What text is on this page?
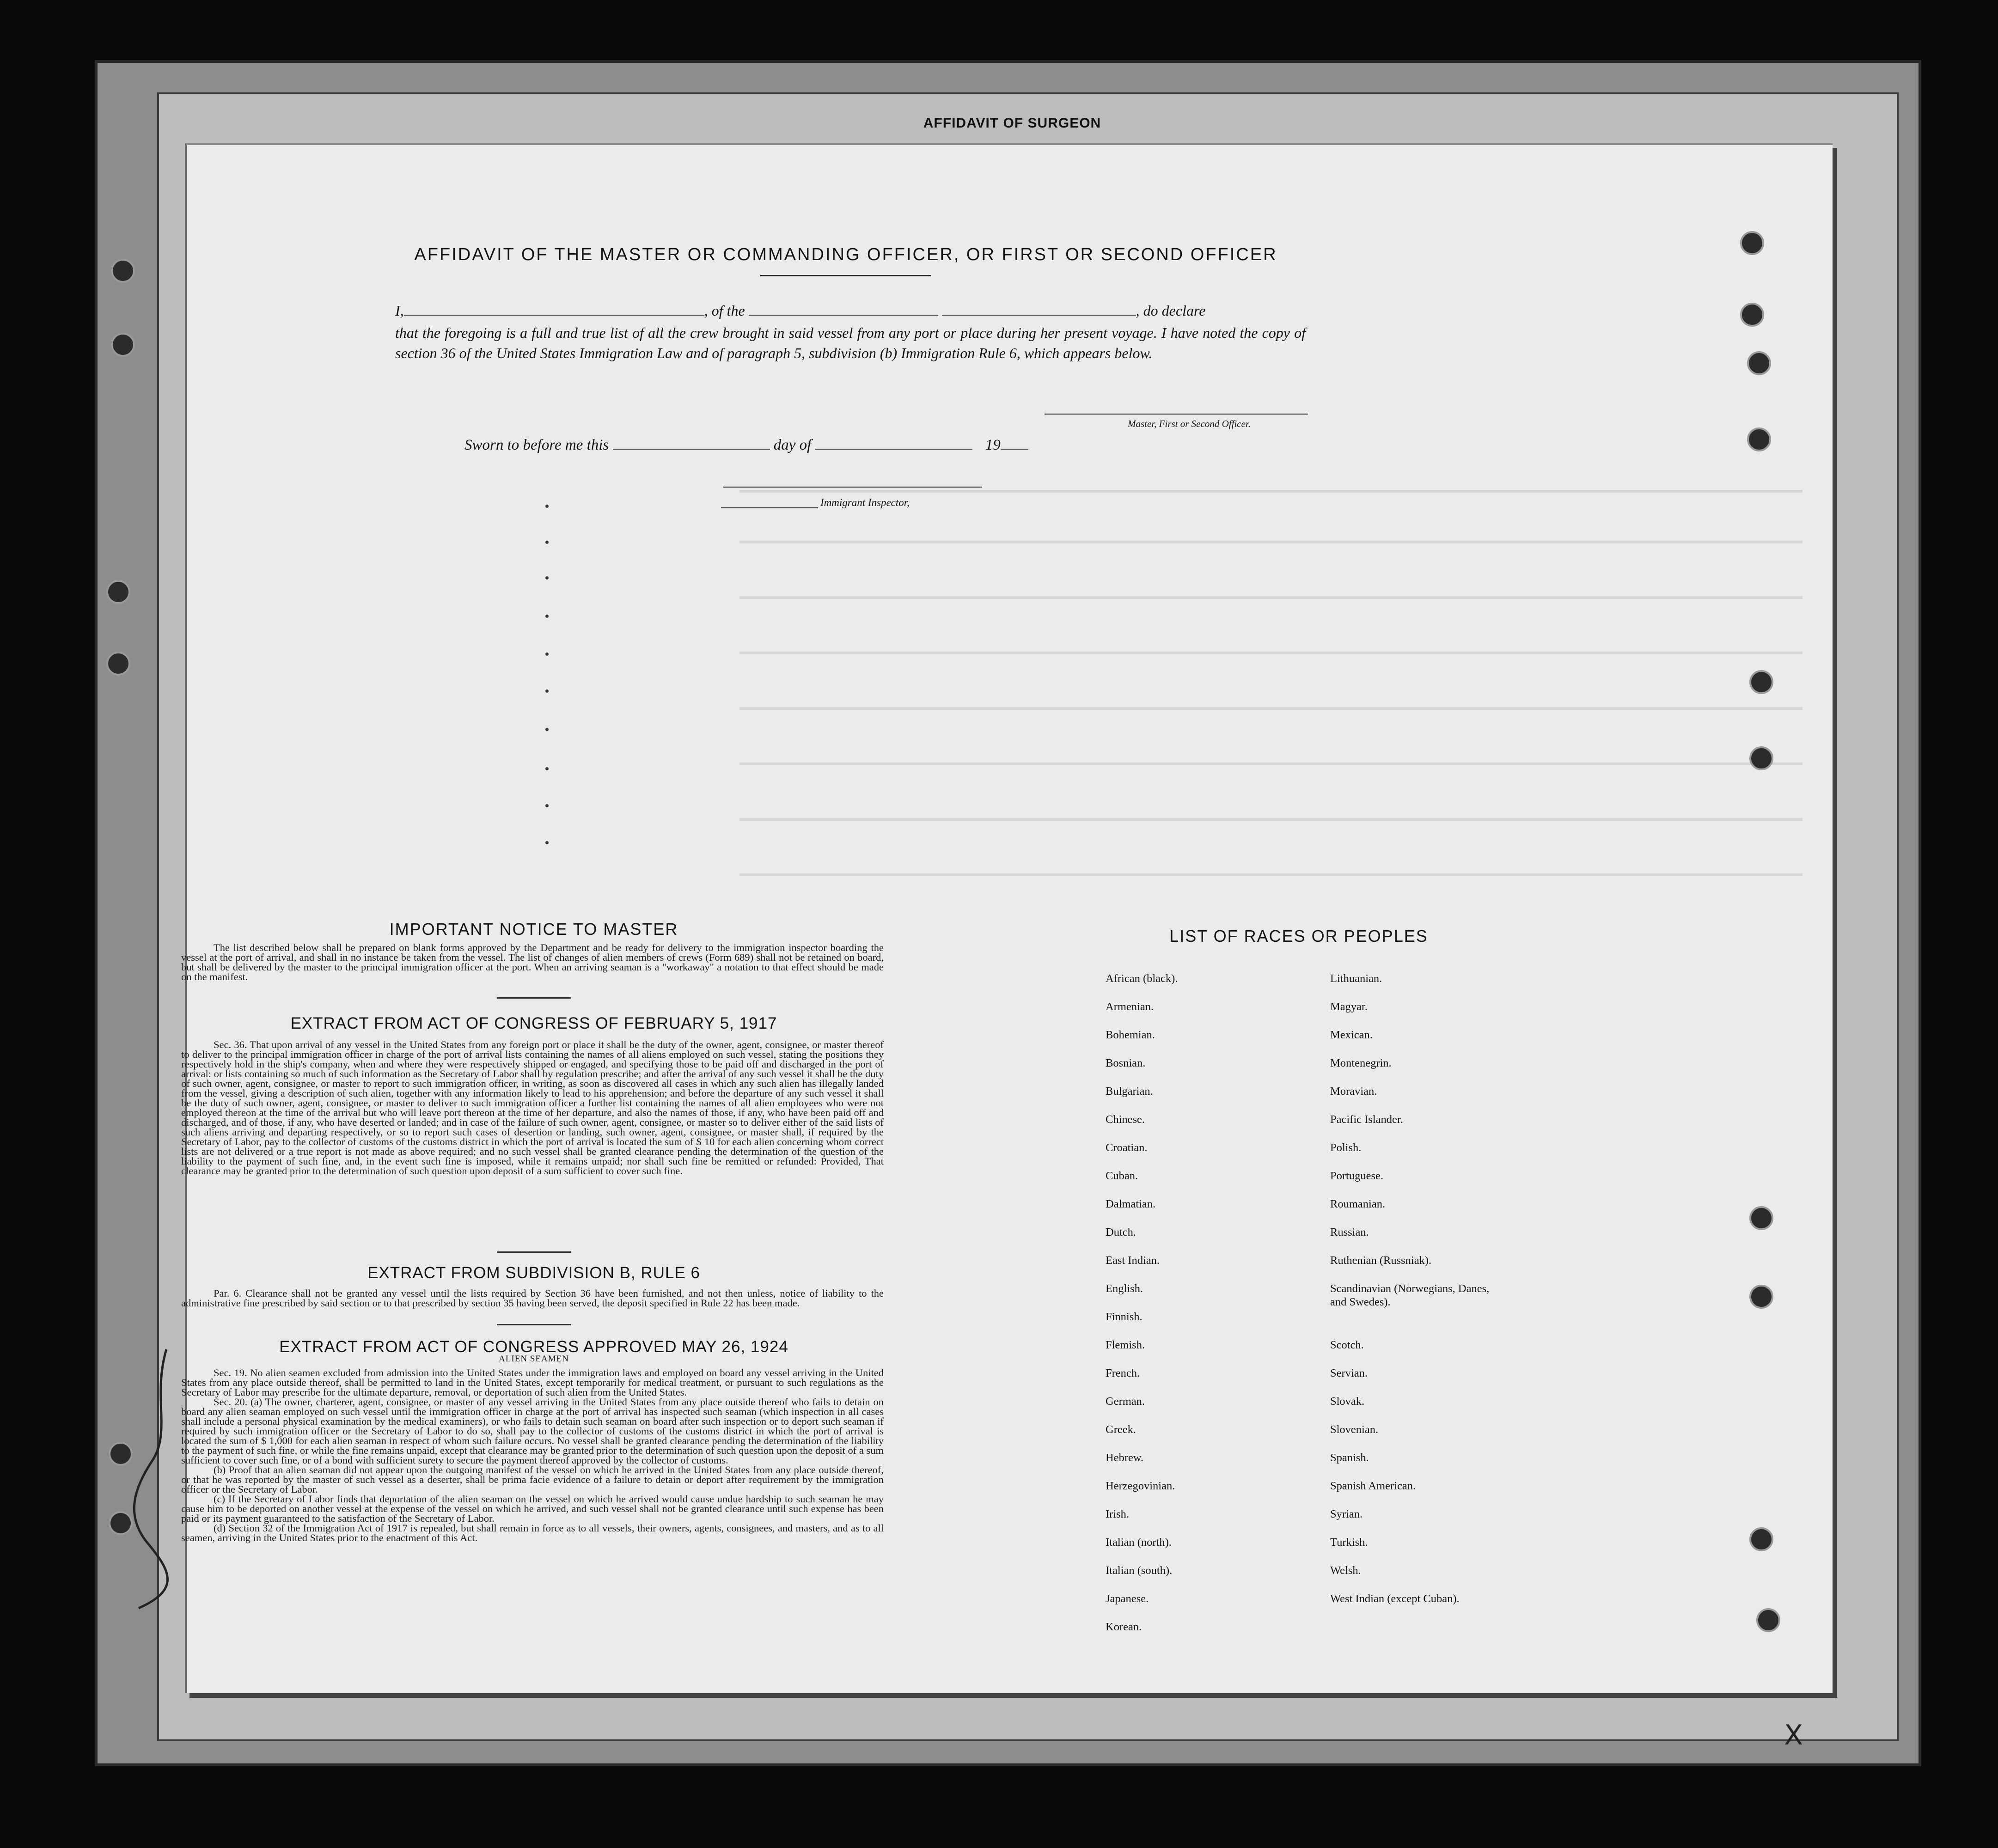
AFFIDAVIT OF SURGEON
AFFIDAVIT OF THE MASTER OR COMMANDING OFFICER, OR FIRST OR SECOND OFFICER
I,	, of the	, do declare
that the foregoing is a full and true list of all the crew brought in said vessel from any port or place during her present voyage. I have noted the copy of section 36 of the United States Immigration Law and of paragraph 5, subdivision (b) Immigration Rule 6, which appears below.
Master, First or Second Officer.
Sworn to before me this	day of	19
Immigrant Inspector,
IMPORTANT NOTICE TO MASTER

The list described below shall be prepared on blank forms approved by the Department and be ready for delivery to the immigration inspector boarding the vessel at the port of arrival, and shall in no instance be taken from the vessel. The list of changes of alien members of crews (Form 689) shall not be retained on board, but shall be delivered by the master to the principal immigration officer at the port. When an arriving seaman is a "workaway" a notation to that effect should be made on the manifest.

EXTRACT FROM ACT OF CONGRESS OF FEBRUARY 5, 1917

Sec. 36. That upon arrival of any vessel in the United States from any foreign port or place it shall be the duty of the owner, agent, consignee, or master thereof to deliver to the principal immigration officer in charge of the port of arrival lists containing the names of all aliens employed on such vessel, stating the positions they respectively hold in the ship's company, when and where they were respectively shipped or engaged, and specifying those to be paid off and discharged in the port of arrival: or lists containing so much of such information as the Secretary of Labor shall by regulation prescribe; and after the arrival of any such vessel it shall be the duty of such owner, agent, consignee, or master to report to such immigration officer, in writing, as soon as discovered all cases in which any such alien has illegally landed from the vessel, giving a description of such alien, together with any information likely to lead to his apprehension; and before the departure of any such vessel it shall be the duty of such owner, agent, consignee, or master to deliver to such immigration officer a further list containing the names of all alien employees who were not employed thereon at the time of the arrival but who will leave port thereon at the time of her departure, and also the names of those, if any, who have been paid off and discharged, and of those, if any, who have deserted or landed; and in case of the failure of such owner, agent, consignee, or master so to deliver either of the said lists of such aliens arriving and departing respectively, or so to report such cases of desertion or landing, such owner, agent, consignee, or master shall, if required by the Secretary of Labor, pay to the collector of customs of the customs district in which the port of arrival is located the sum of $ 10 for each alien concerning whom correct lists are not delivered or a true report is not made as above required; and no such vessel shall be granted clearance pending the determination of the question of the liability to the payment of such fine, and, in the event such fine is imposed, while it remains unpaid; nor shall such fine be remitted or refunded: Provided, That clearance may be granted prior to the determination of such question upon deposit of a sum sufficient to cover such fine.

EXTRACT FROM SUBDIVISION B, RULE 6

Par. 6. Clearance shall not be granted any vessel until the lists required by Section 36 have been furnished, and not then unless, notice of liability to the administrative fine prescribed by said section or to that prescribed by section 35 having been served, the deposit specified in Rule 22 has been made.

EXTRACT FROM ACT OF CONGRESS APPROVED MAY 26, 1924
ALIEN SEAMEN

Sec. 19. No alien seamen excluded from admission into the United States under the immigration laws and employed on board any vessel arriving in the United States from any place outside thereof, shall be permitted to land in the United States, except temporarily for medical treatment, or pursuant to such regulations as the Secretary of Labor may prescribe for the ultimate departure, removal, or deportation of such alien from the United States.

Sec. 20. (a) The owner, charterer, agent, consignee, or master of any vessel arriving in the United States from any place outside thereof who fails to detain on board any alien seaman employed on such vessel until the immigration officer in charge at the port of arrival has inspected such seaman (which inspection in all cases shall include a personal physical examination by the medical examiners), or who fails to detain such seaman on board after such inspection or to deport such seaman if required by such immigration officer or the Secretary of Labor to do so, shall pay to the collector of customs of the customs district in which the port of arrival is located the sum of $ 1,000 for each alien seaman in respect of whom such failure occurs. No vessel shall be granted clearance pending the determination of the liability to the payment of such fine, or while the fine remains unpaid, except that clearance may be granted prior to the determination of such question upon the deposit of a sum sufficient to cover such fine, or of a bond with sufficient surety to secure the payment thereof approved by the collector of customs.

(b) Proof that an alien seaman did not appear upon the outgoing manifest of the vessel on which he arrived in the United States from any place outside thereof, or that he was reported by the master of such vessel as a deserter, shall be prima facie evidence of a failure to detain or deport after requirement by the immigration officer or the Secretary of Labor.

(c) If the Secretary of Labor finds that deportation of the alien seaman on the vessel on which he arrived would cause undue hardship to such seaman he may cause him to be deported on another vessel at the expense of the vessel on which he arrived, and such vessel shall not be granted clearance until such expense has been paid or its payment guaranteed to the satisfaction of the Secretary of Labor.

(d) Section 32 of the Immigration Act of 1917 is repealed, but shall remain in force as to all vessels, their owners, agents, consignees, and masters, and as to all seamen, arriving in the United States prior to the enactment of this Act.

LIST OF RACES OR PEOPLES
African (black).
Armenian.
Bohemian.
Bosnian.
Bulgarian.
Chinese.
Croatian.
Cuban.
Dalmatian.
Dutch.
East Indian.
English.
Finnish.
Flemish.
French.
German.
Greek.
Hebrew.
Herzegovinian.
Irish.
Italian (north).
Italian (south).
Japanese.
Korean.
Lithuanian.
Magyar.
Mexican.
Montenegrin.
Moravian.
Pacific Islander.
Polish.
Portuguese.
Roumanian.
Russian.
Ruthenian (Russniak).
Scandinavian (Norwegians, Danes, and Swedes).
Scotch.
Servian.
Slovak.
Slovenian.
Spanish.
Spanish American.
Syrian.
Turkish.
Welsh.
West Indian (except Cuban).
X
